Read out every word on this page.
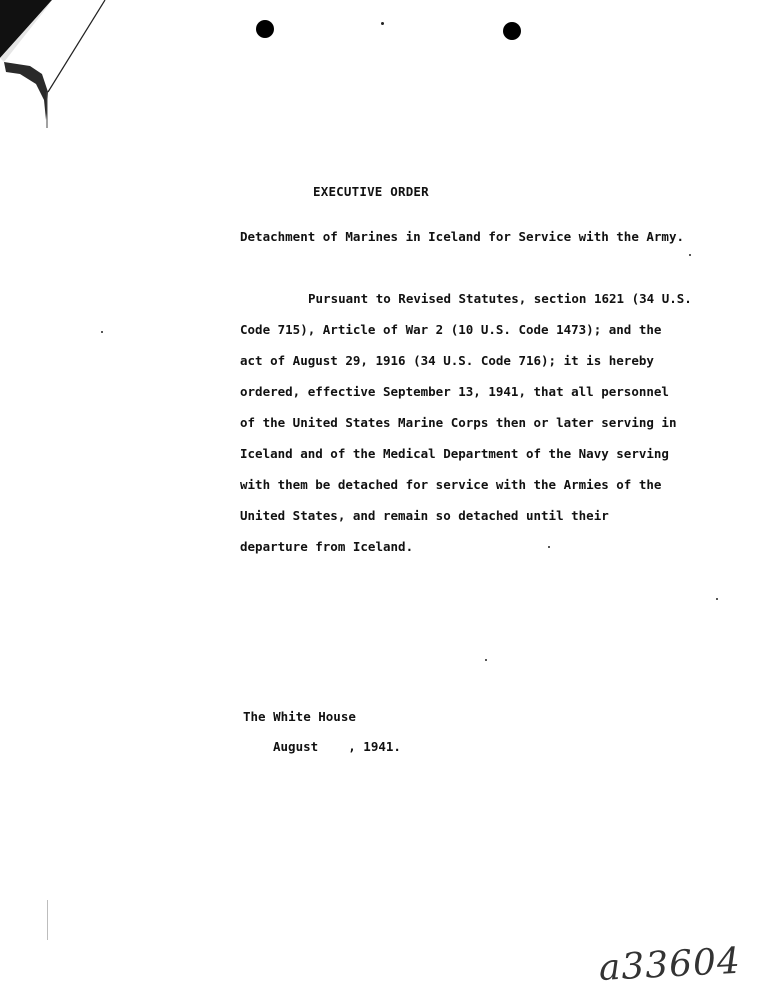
EXECUTIVE ORDER
Detachment of Marines in Iceland for Service with the Army.
Pursuant to Revised Statutes, section 1621 (34 U.S.
Code 715), Article of War 2 (10 U.S. Code 1473); and the
act of August 29, 1916 (34 U.S. Code 716); it is hereby
ordered, effective September 13, 1941, that all personnel
of the United States Marine Corps then or later serving in
Iceland and of the Medical Department of the Navy serving
with them be detached for service with the Armies of the
United States, and remain so detached until their
departure from Iceland.
The White House
August    , 1941.
a33604
